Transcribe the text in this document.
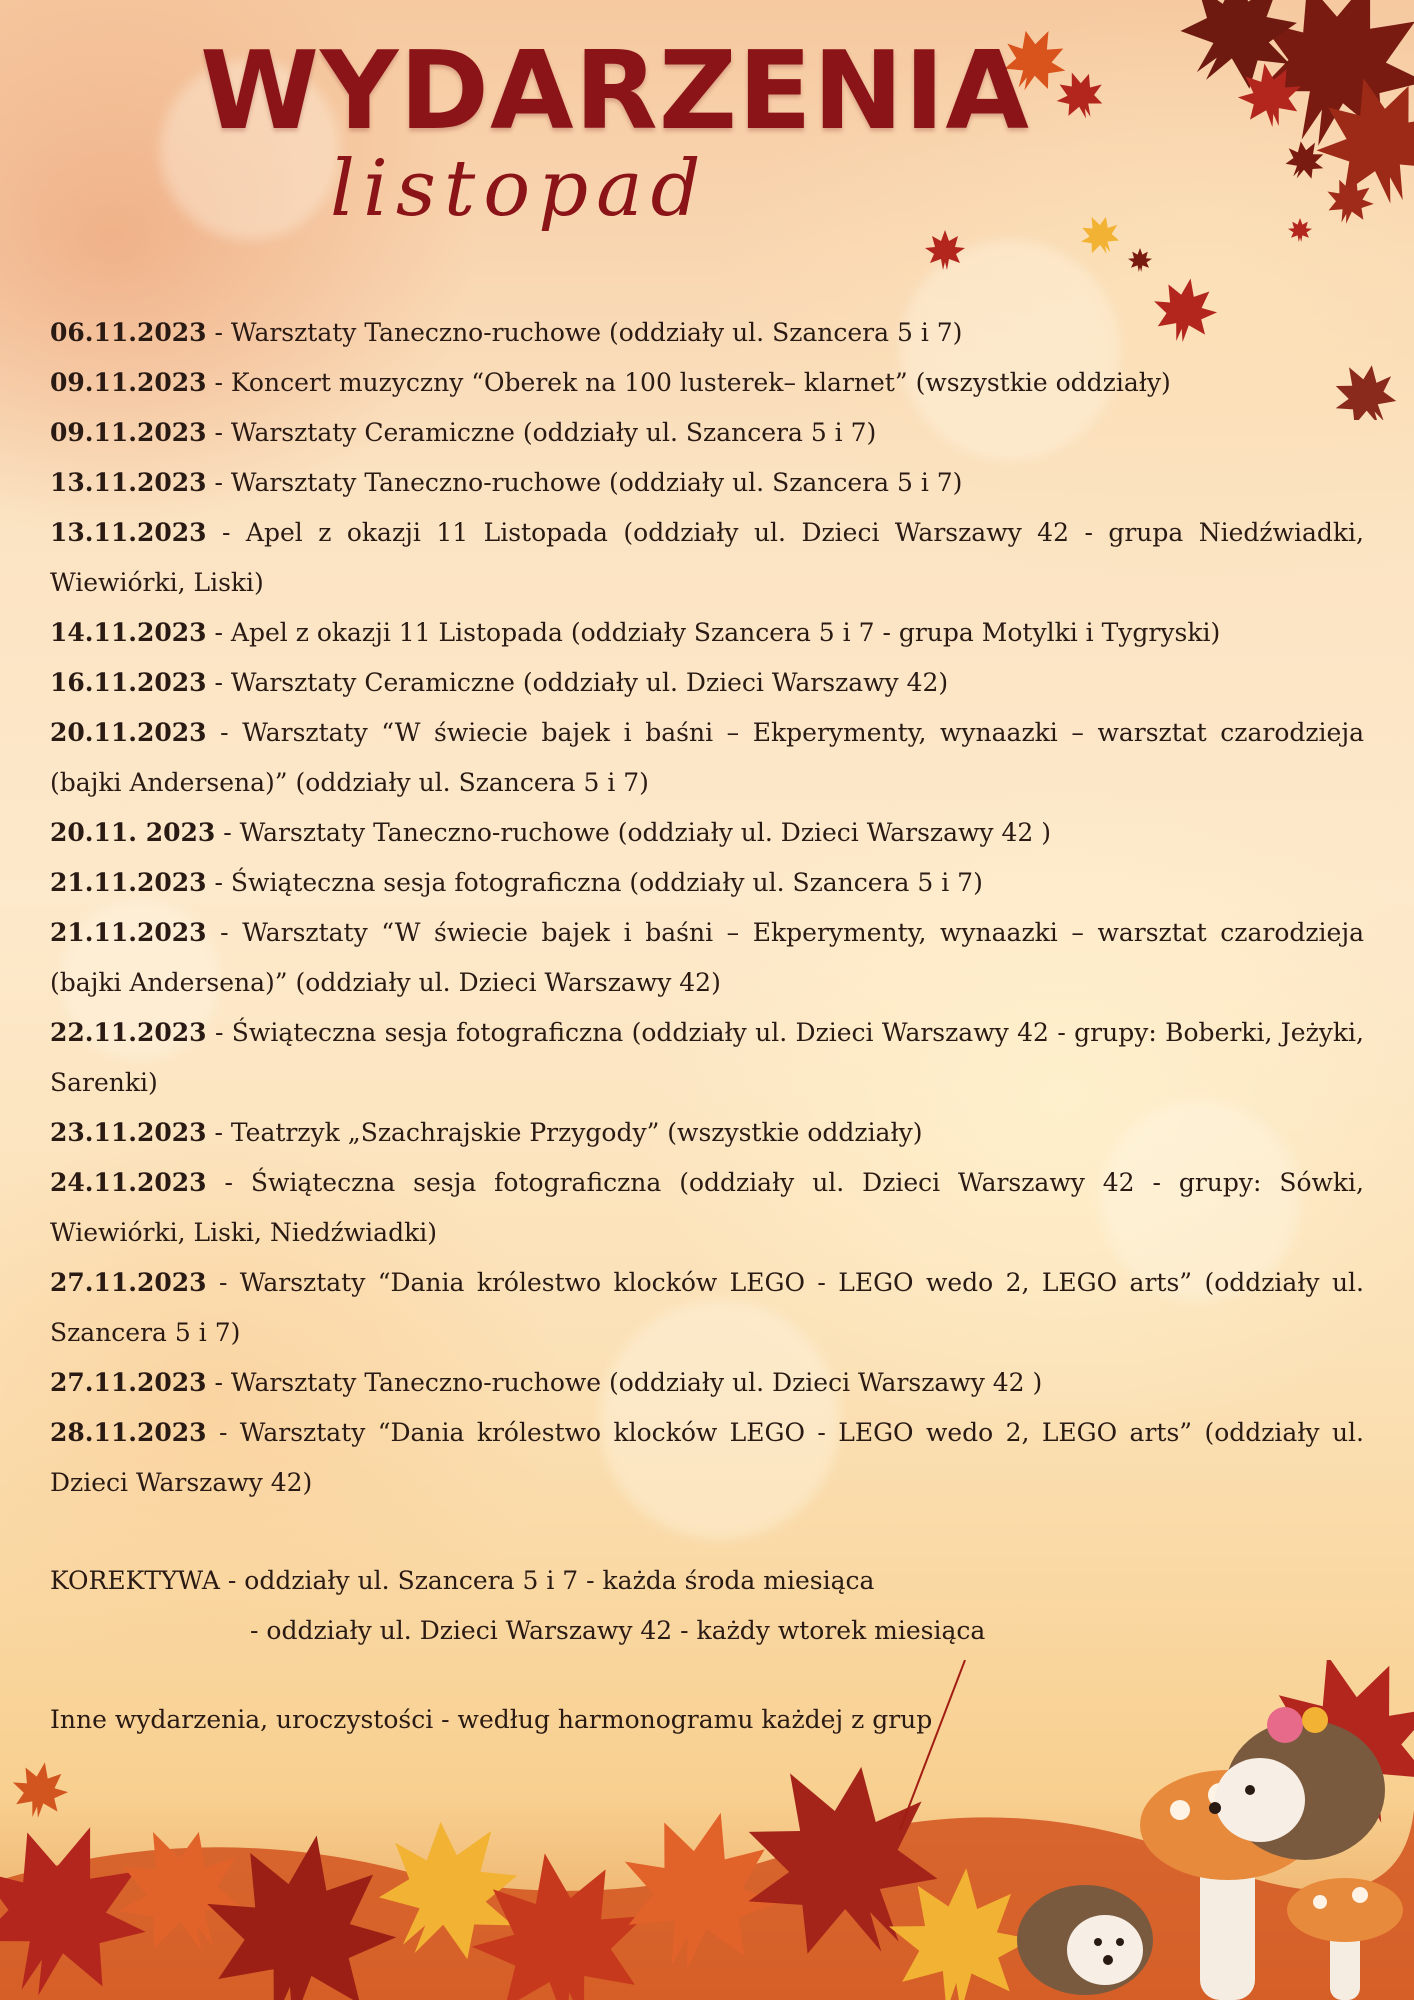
WYDARZENIA
listopad

06.11.2023 - Warsztaty Taneczno-ruchowe (oddziały ul. Szancera 5 i 7)

09.11.2023 - Koncert muzyczny “Oberek na 100 lusterek– klarnet” (wszystkie oddziały)

09.11.2023 - Warsztaty Ceramiczne (oddziały ul. Szancera 5 i 7)

13.11.2023 - Warsztaty Taneczno-ruchowe (oddziały ul. Szancera 5 i 7)

13.11.2023 - Apel z okazji 11 Listopada (oddziały ul. Dzieci Warszawy 42 - grupa Niedźwiadki, Wiewiórki, Liski)

14.11.2023 - Apel z okazji 11 Listopada (oddziały Szancera 5 i 7 - grupa Motylki i Tygryski)

16.11.2023 - Warsztaty Ceramiczne (oddziały ul. Dzieci Warszawy 42)

20.11.2023 - Warsztaty “W świecie bajek i baśni – Ekperymenty, wynaazki – warsztat czarodzieja (bajki Andersena)” (oddziały ul. Szancera 5 i 7)

20.11. 2023 - Warsztaty Taneczno-ruchowe (oddziały ul. Dzieci Warszawy 42 )

21.11.2023 - Świąteczna sesja fotograficzna (oddziały ul. Szancera 5 i 7)

21.11.2023 - Warsztaty “W świecie bajek i baśni – Ekperymenty, wynaazki – warsztat czarodzieja (bajki Andersena)” (oddziały ul. Dzieci Warszawy 42)

22.11.2023 - Świąteczna sesja fotograficzna (oddziały ul. Dzieci Warszawy 42 - grupy: Boberki, Jeżyki, Sarenki)

23.11.2023 - Teatrzyk „Szachrajskie Przygody” (wszystkie oddziały)

24.11.2023 - Świąteczna sesja fotograficzna (oddziały ul. Dzieci Warszawy 42 - grupy: Sówki, Wiewiórki, Liski, Niedźwiadki)

27.11.2023 - Warsztaty “Dania królestwo klocków LEGO - LEGO wedo 2, LEGO arts” (oddziały ul. Szancera 5 i 7)

27.11.2023 - Warsztaty Taneczno-ruchowe (oddziały ul. Dzieci Warszawy 42 )

28.11.2023 - Warsztaty “Dania królestwo klocków LEGO - LEGO wedo 2, LEGO arts” (oddziały ul. Dzieci Warszawy 42)

KOREKTYWA - oddziały ul. Szancera 5 i 7 - każda środa miesiąca
- oddziały ul. Dzieci Warszawy 42 - każdy wtorek miesiąca
Inne wydarzenia, uroczystości - według harmonogramu każdej z grup
